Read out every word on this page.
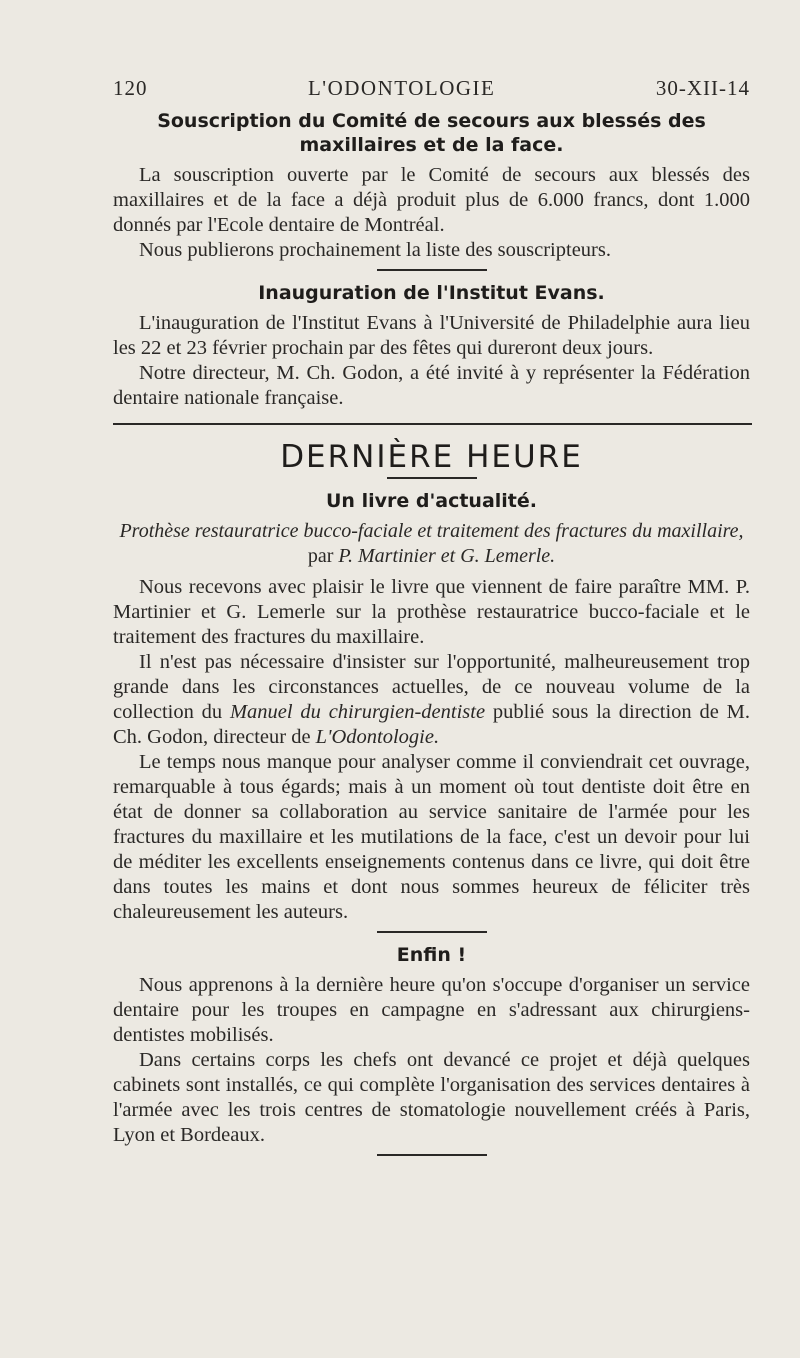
120	L'ODONTOLOGIE	30-XII-14
Souscription du Comité de secours aux blessés des maxillaires et de la face.

La souscription ouverte par le Comité de secours aux blessés des maxillaires et de la face a déjà produit plus de 6.000 francs, dont 1.000 donnés par l'Ecole dentaire de Montréal.

Nous publierons prochainement la liste des souscripteurs.

Inauguration de l'Institut Evans.

L'inauguration de l'Institut Evans à l'Université de Philadelphie aura lieu les 22 et 23 février prochain par des fêtes qui dureront deux jours.

Notre directeur, M. Ch. Godon, a été invité à y représenter la Fédération dentaire nationale française.

DERNIÈRE HEURE
Un livre d'actualité.

Prothèse restauratrice bucco-faciale et traitement des fractures du maxillaire, par P. Martinier et G. Lemerle.

Nous recevons avec plaisir le livre que viennent de faire paraître MM. P. Martinier et G. Lemerle sur la prothèse restauratrice bucco-faciale et le traitement des fractures du maxillaire.

Il n'est pas nécessaire d'insister sur l'opportunité, malheureusement trop grande dans les circonstances actuelles, de ce nouveau volume de la collection du Manuel du chirurgien-dentiste publié sous la direction de M. Ch. Godon, directeur de L'Odontologie.

Le temps nous manque pour analyser comme il conviendrait cet ouvrage, remarquable à tous égards; mais à un moment où tout dentiste doit être en état de donner sa collaboration au service sanitaire de l'armée pour les fractures du maxillaire et les mutilations de la face, c'est un devoir pour lui de méditer les excellents enseignements contenus dans ce livre, qui doit être dans toutes les mains et dont nous sommes heureux de féliciter très chaleureusement les auteurs.

Enfin !

Nous apprenons à la dernière heure qu'on s'occupe d'organiser un service dentaire pour les troupes en campagne en s'adressant aux chirurgiens-dentistes mobilisés.

Dans certains corps les chefs ont devancé ce projet et déjà quelques cabinets sont installés, ce qui complète l'organisation des services dentaires à l'armée avec les trois centres de stomatologie nouvellement créés à Paris, Lyon et Bordeaux.
